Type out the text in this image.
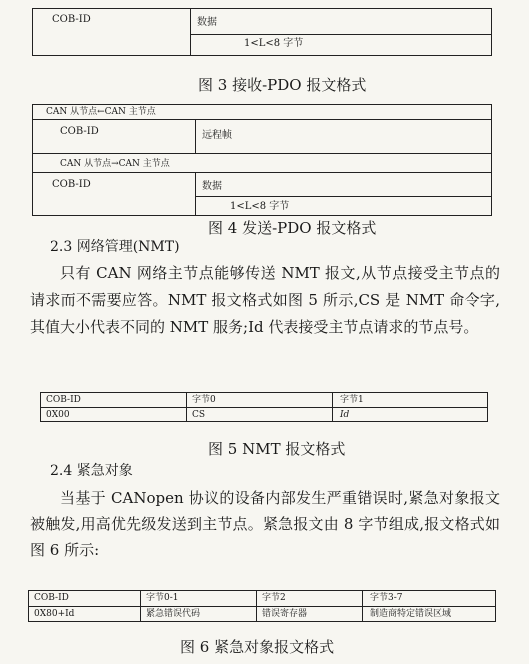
COB-ID	数据
1<L<8 字节
图 3 接收-PDO 报文格式
CAN 从节点←CAN 主节点
COB-ID	远程帧
CAN 从节点→CAN 主节点
COB-ID	数据
1<L<8 字节
图 4 发送-PDO 报文格式
2.3 网络管理(NMT)
只有 CAN 网络主节点能够传送 NMT 报文,从节点接受主节点的请求而不需要应答。NMT 报文格式如图 5 所示,CS 是 NMT 命令字,其值大小代表不同的 NMT 服务;Id 代表接受主节点请求的节点号。
COB-ID	字节0	字节1
0X00	CS	Id
图 5 NMT 报文格式
2.4 紧急对象
当基于 CANopen 协议的设备内部发生严重错误时,紧急对象报文被触发,用高优先级发送到主节点。紧急报文由 8 字节组成,报文格式如图 6 所示:
COB-ID	字节0-1	字节2	字节3-7
0X80+Id	紧急错误代码	错误寄存器	制造商特定错误区域
图 6 紧急对象报文格式
